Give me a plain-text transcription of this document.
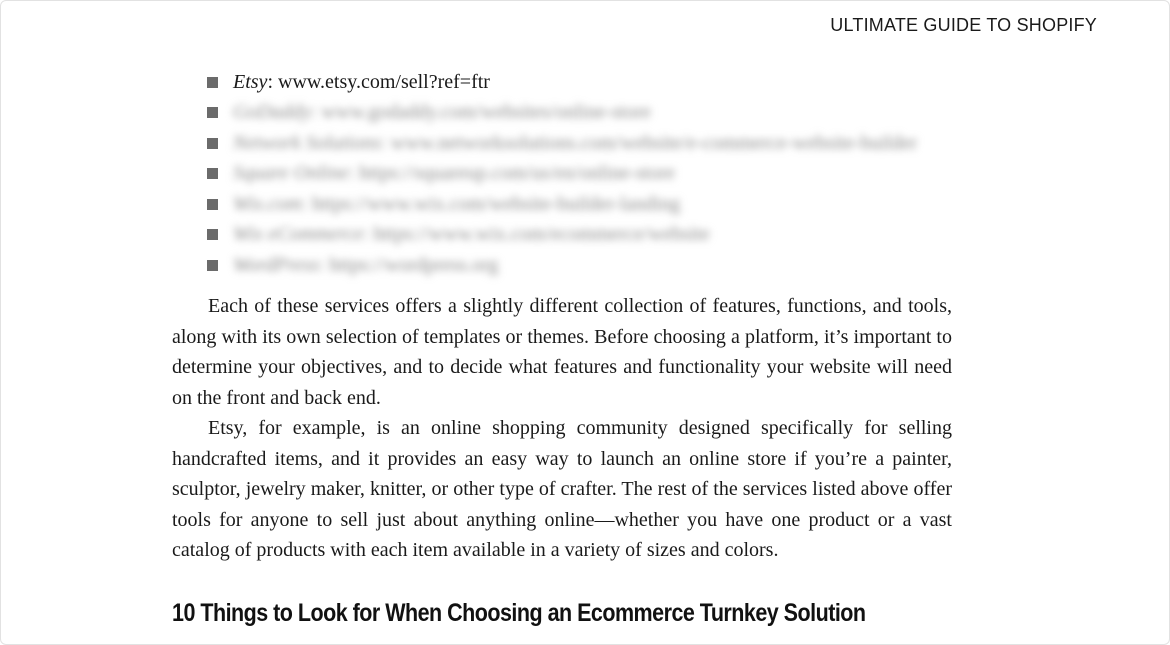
ULTIMATE GUIDE TO SHOPIFY
Etsy: www.etsy.com/sell?ref=ftr
GoDaddy: www.godaddy.com/websites/online-store
Network Solutions: www.networksolutions.com/website/e-commerce-website-builder
Square Online: https://squareup.com/us/en/online-store
Wix.com: https://www.wix.com/website-builder-landing
Wix eCommerce: https://www.wix.com/ecommerce/website
WordPress: https://wordpress.org

Each of these services offers a slightly different collection of features, functions, and tools, along with its own selection of templates or themes. Before choosing a platform, it’s important to determine your objectives, and to decide what features and functionality your website will need on the front and back end.

Etsy, for example, is an online shopping community designed specifically for selling handcrafted items, and it provides an easy way to launch an online store if you’re a painter, sculptor, jewelry maker, knitter, or other type of crafter. The rest of the services listed above offer tools for anyone to sell just about anything online—whether you have one product or a vast catalog of products with each item available in a variety of sizes and colors.

10 Things to Look for When Choosing an Ecommerce Turnkey Solution
